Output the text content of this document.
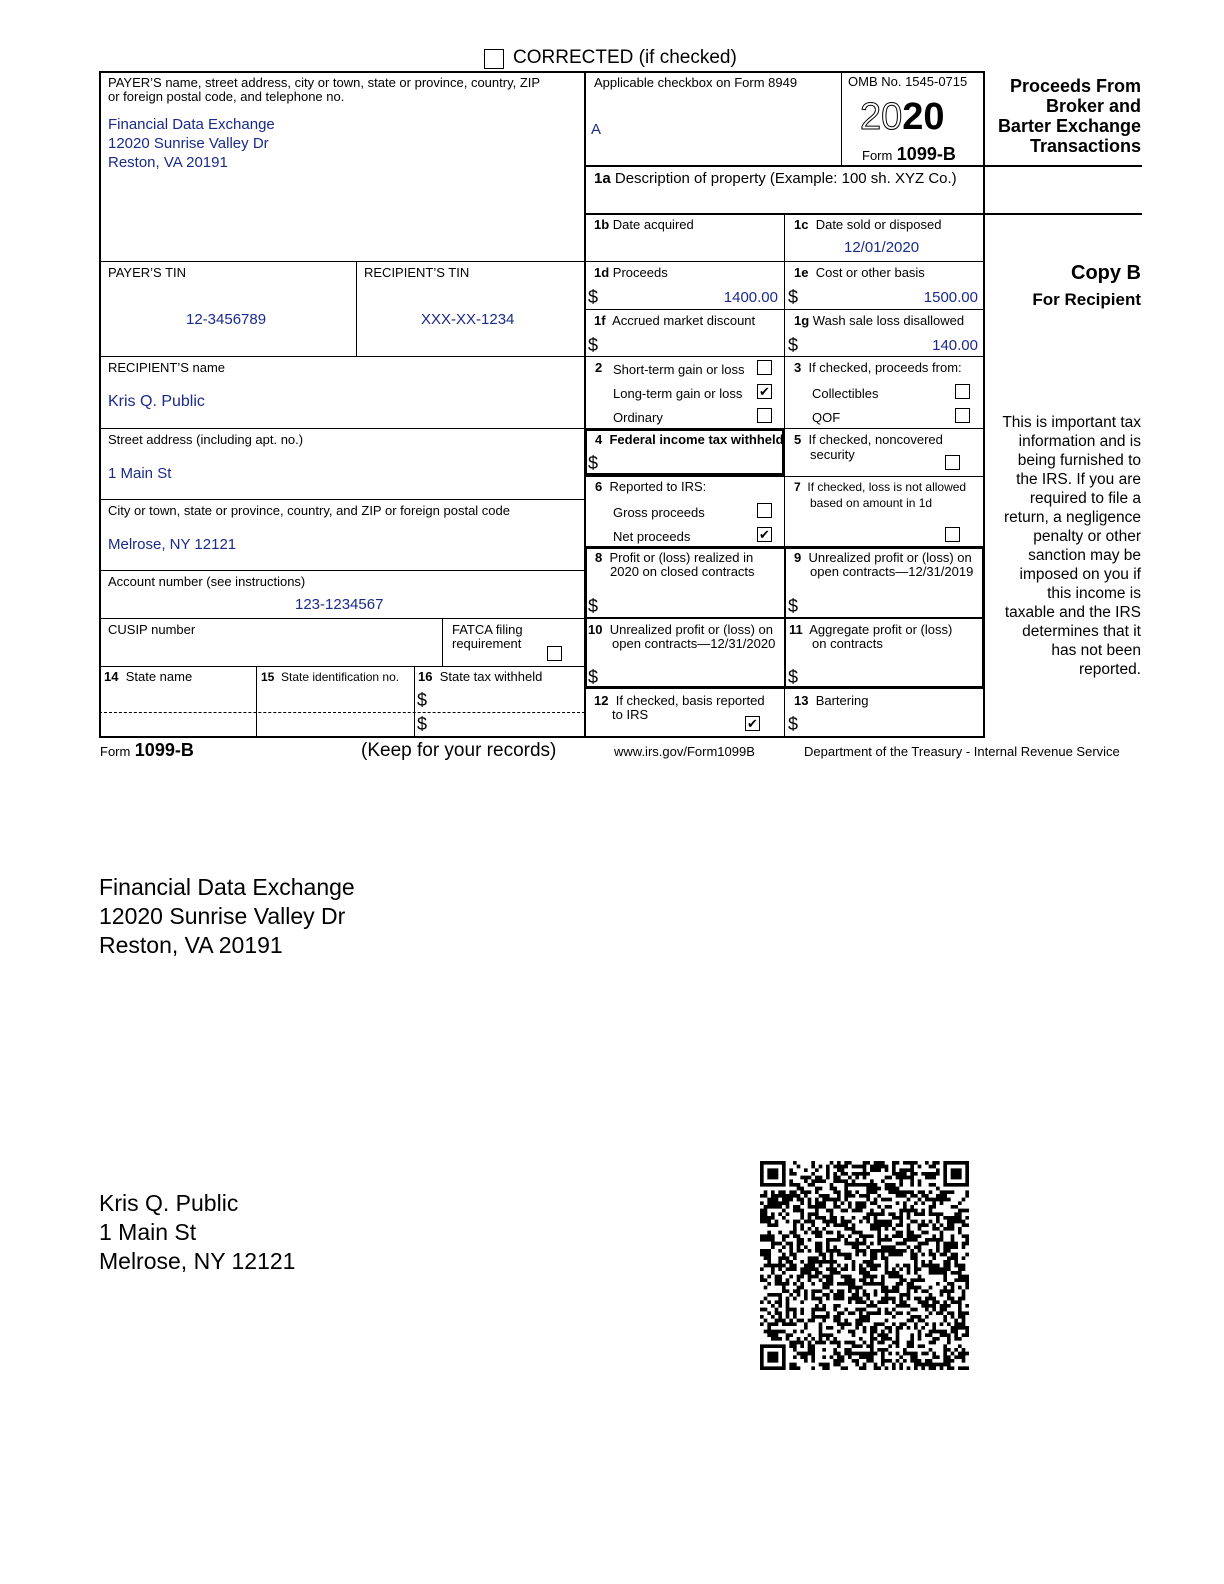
CORRECTED (if checked)
PAYER’S name, street address, city or town, state or province, country, ZIP
or foreign postal code, and telephone no.
Financial Data Exchange
12020 Sunrise Valley Dr
Reston, VA 20191
Applicable checkbox on Form 8949
A
OMB No. 1545-0715
2020
Form 1099-B
Proceeds From
Broker and
Barter Exchange
Transactions
1a Description of property (Example: 100 sh. XYZ Co.)
1b Date acquired	1c Date sold or disposed
12/01/2020
PAYER’S TIN
12-3456789
RECIPIENT’S TIN
XXX-XX-1234
1d Proceeds
$	1400.00
1e Cost or other basis
$	1500.00
1f Accrued market discount
$
1g Wash sale loss disallowed
$	140.00
Copy B
For Recipient
RECIPIENT’S name
Kris Q. Public
2 Short-term gain or loss
Long-term gain or loss ✔
Ordinary
3 If checked, proceeds from:
Collectibles
QOF
Street address (including apt. no.)
1 Main St
4 Federal income tax withheld
$
5 If checked, noncovered
security
6 Reported to IRS:
Gross proceeds
Net proceeds	✔
7 If checked, loss is not allowed
based on amount in 1d
City or town, state or province, country, and ZIP or foreign postal code
Melrose, NY 12121
8 Profit or (loss) realized in
2020 on closed contracts
$
9 Unrealized profit or (loss) on
open contracts—12/31/2019
$
Account number (see instructions)
123-1234567
CUSIP number	FATCA filing
requirement
10 Unrealized profit or (loss) on
open contracts—12/31/2020
$
11 Aggregate profit or (loss)
on contracts
$
14 State name	15 State identification no. 16 State tax withheld
$
$
12 If checked, basis reported
to IRS
✔
13 Bartering
$
This is important tax
information and is
being furnished to
the IRS. If you are
required to file a
return, a negligence
penalty or other
sanction may be
imposed on you if
this income is
taxable and the IRS
determines that it
has not been
reported.
Form 1099-B	(Keep for your records)	www.irs.gov/Form1099B	Department of the Treasury - Internal Revenue Service
Financial Data Exchange
12020 Sunrise Valley Dr
Reston, VA 20191
Kris Q. Public
1 Main St
Melrose, NY 12121
